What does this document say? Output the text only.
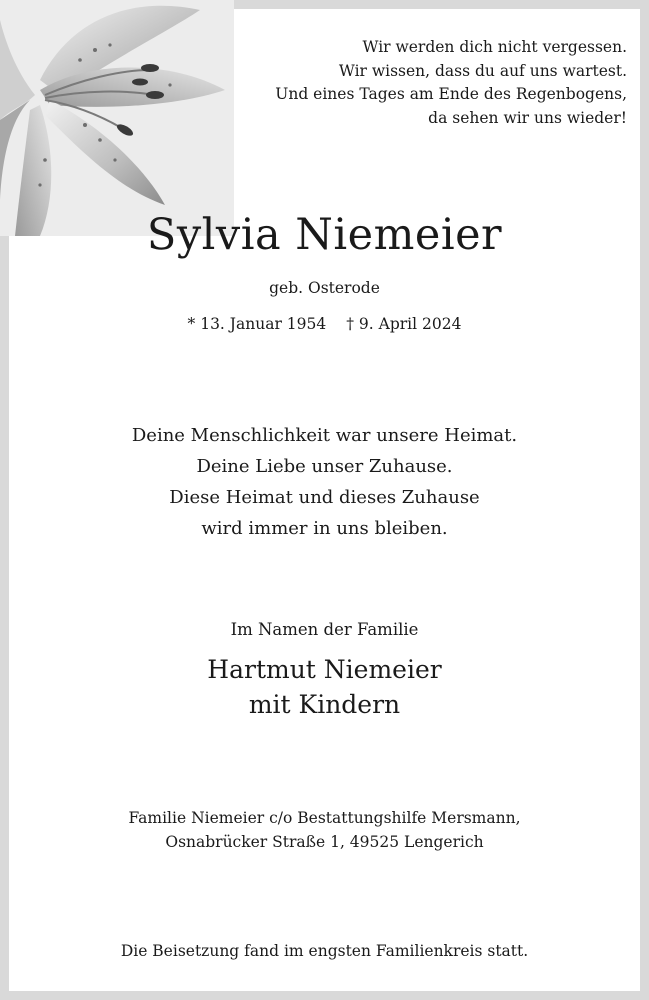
Wir werden dich nicht vergessen.
Wir wissen, dass du auf uns wartest.
Und eines Tages am Ende des Regenbogens,
da sehen wir uns wieder!
Sylvia Niemeier
geb. Osterode
* 13. Januar 1954 † 9. April 2024
Deine Menschlichkeit war unsere Heimat.
Deine Liebe unser Zuhause.
Diese Heimat und dieses Zuhause
wird immer in uns bleiben.
Im Namen der Familie
Hartmut Niemeier
mit Kindern
Familie Niemeier c/o Bestattungshilfe Mersmann,
Osnabrücker Straße 1, 49525 Lengerich
Die Beisetzung fand im engsten Familienkreis statt.
